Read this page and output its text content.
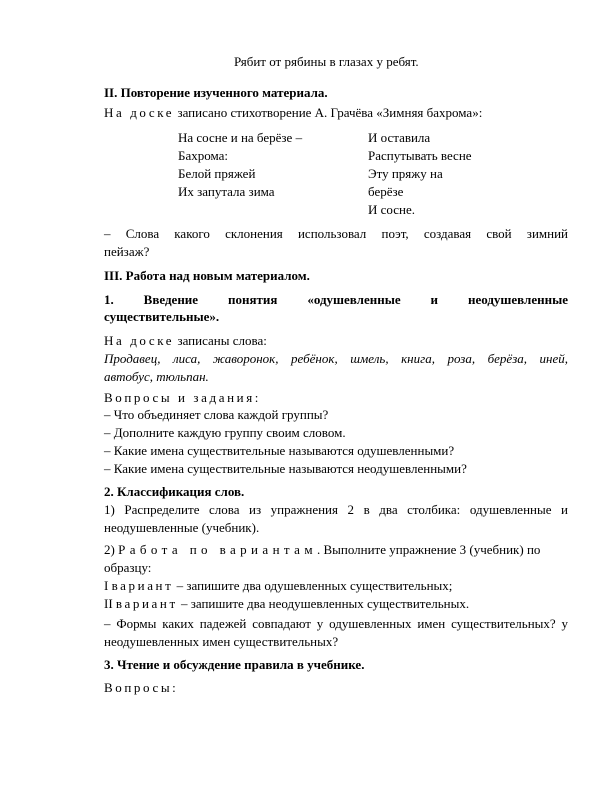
Рябит от рябины в глазах у ребят.
II. Повторение изученного материала.
На доске записано стихотворение А. Грачёва «Зимняя бахрома»:
На сосне и на берёзе –
Бахрома:
Белой пряжей
Их запутала зима
И оставила
Распутывать весне
Эту пряжу на
берёзе
И сосне.
– Слова какого склонения использовал поэт, создавая свой зимний
пейзаж?
III. Работа над новым материалом.
1. Введение понятия «одушевленные и неодушевленные
существительные».
На доске записаны слова:
Продавец, лиса, жаворонок, ребёнок, шмель, книга, роза, берёза, иней,
автобус, тюльпан.
Вопросы и задания:
– Что объединяет слова каждой группы?
– Дополните каждую группу своим словом.
– Какие имена существительные называются одушевленными?
– Какие имена существительные называются неодушевленными?
2. Классификация слов.
1) Распределите слова из упражнения 2 в два столбика: одушевленные и
неодушевленные (учебник).
2) Работа по вариантам. Выполните упражнение 3 (учебник) по
образцу:
I вариант – запишите два одушевленных существительных;
II вариант – запишите два неодушевленных существительных.
– Формы каких падежей совпадают у одушевленных имен существительных? у
неодушевленных имен существительных?
3. Чтение и обсуждение правила в учебнике.
Вопросы:
